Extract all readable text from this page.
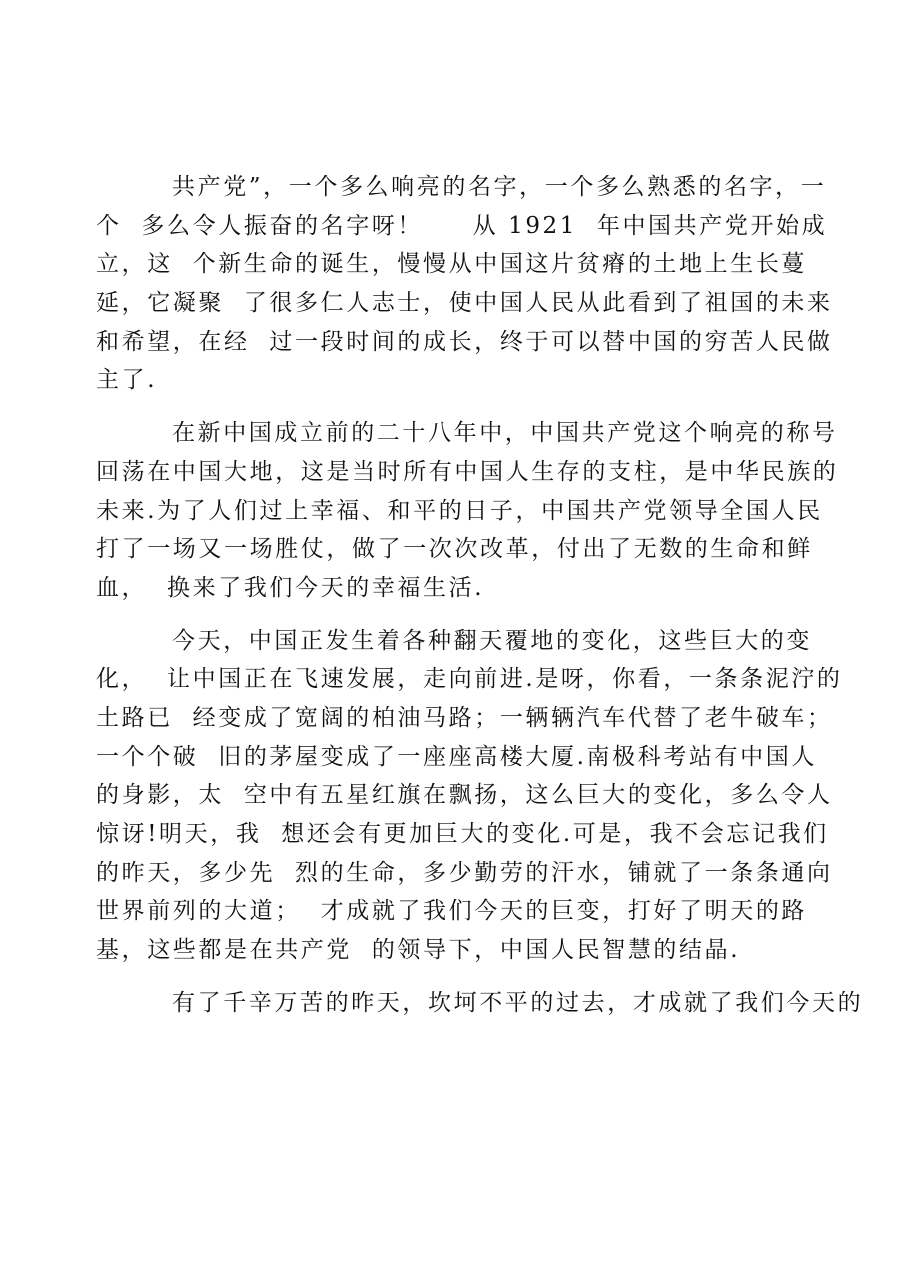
共产党”，一个多么响亮的名字，一个多么熟悉的名字，一
个  多么令人振奋的名字呀！     从 1921  年中国共产党开始成
立，这  个新生命的诞生，慢慢从中国这片贫瘠的土地上生长蔓
延，它凝聚  了很多仁人志士，使中国人民从此看到了祖国的未来
和希望，在经  过一段时间的成长，终于可以替中国的穷苦人民做
主了.

在新中国成立前的二十八年中，中国共产党这个响亮的称号
回荡在中国大地，这是当时所有中国人生存的支柱，是中华民族的
未来.为了人们过上幸福、和平的日子，中国共产党领导全国人民
打了一场又一场胜仗，做了一次次改革，付出了无数的生命和鲜
血，  换来了我们今天的幸福生活.

今天，中国正发生着各种翻天覆地的变化，这些巨大的变
化，  让中国正在飞速发展，走向前进.是呀，你看，一条条泥泞的
土路已  经变成了宽阔的柏油马路；一辆辆汽车代替了老牛破车；
一个个破  旧的茅屋变成了一座座高楼大厦.南极科考站有中国人
的身影，太  空中有五星红旗在飘扬，这么巨大的变化，多么令人
惊讶!明天，我  想还会有更加巨大的变化.可是，我不会忘记我们
的昨天，多少先  烈的生命，多少勤劳的汗水，铺就了一条条通向
世界前列的大道；  才成就了我们今天的巨变，打好了明天的路
基，这些都是在共产党  的领导下，中国人民智慧的结晶.

有了千辛万苦的昨天，坎坷不平的过去，才成就了我们今天的
